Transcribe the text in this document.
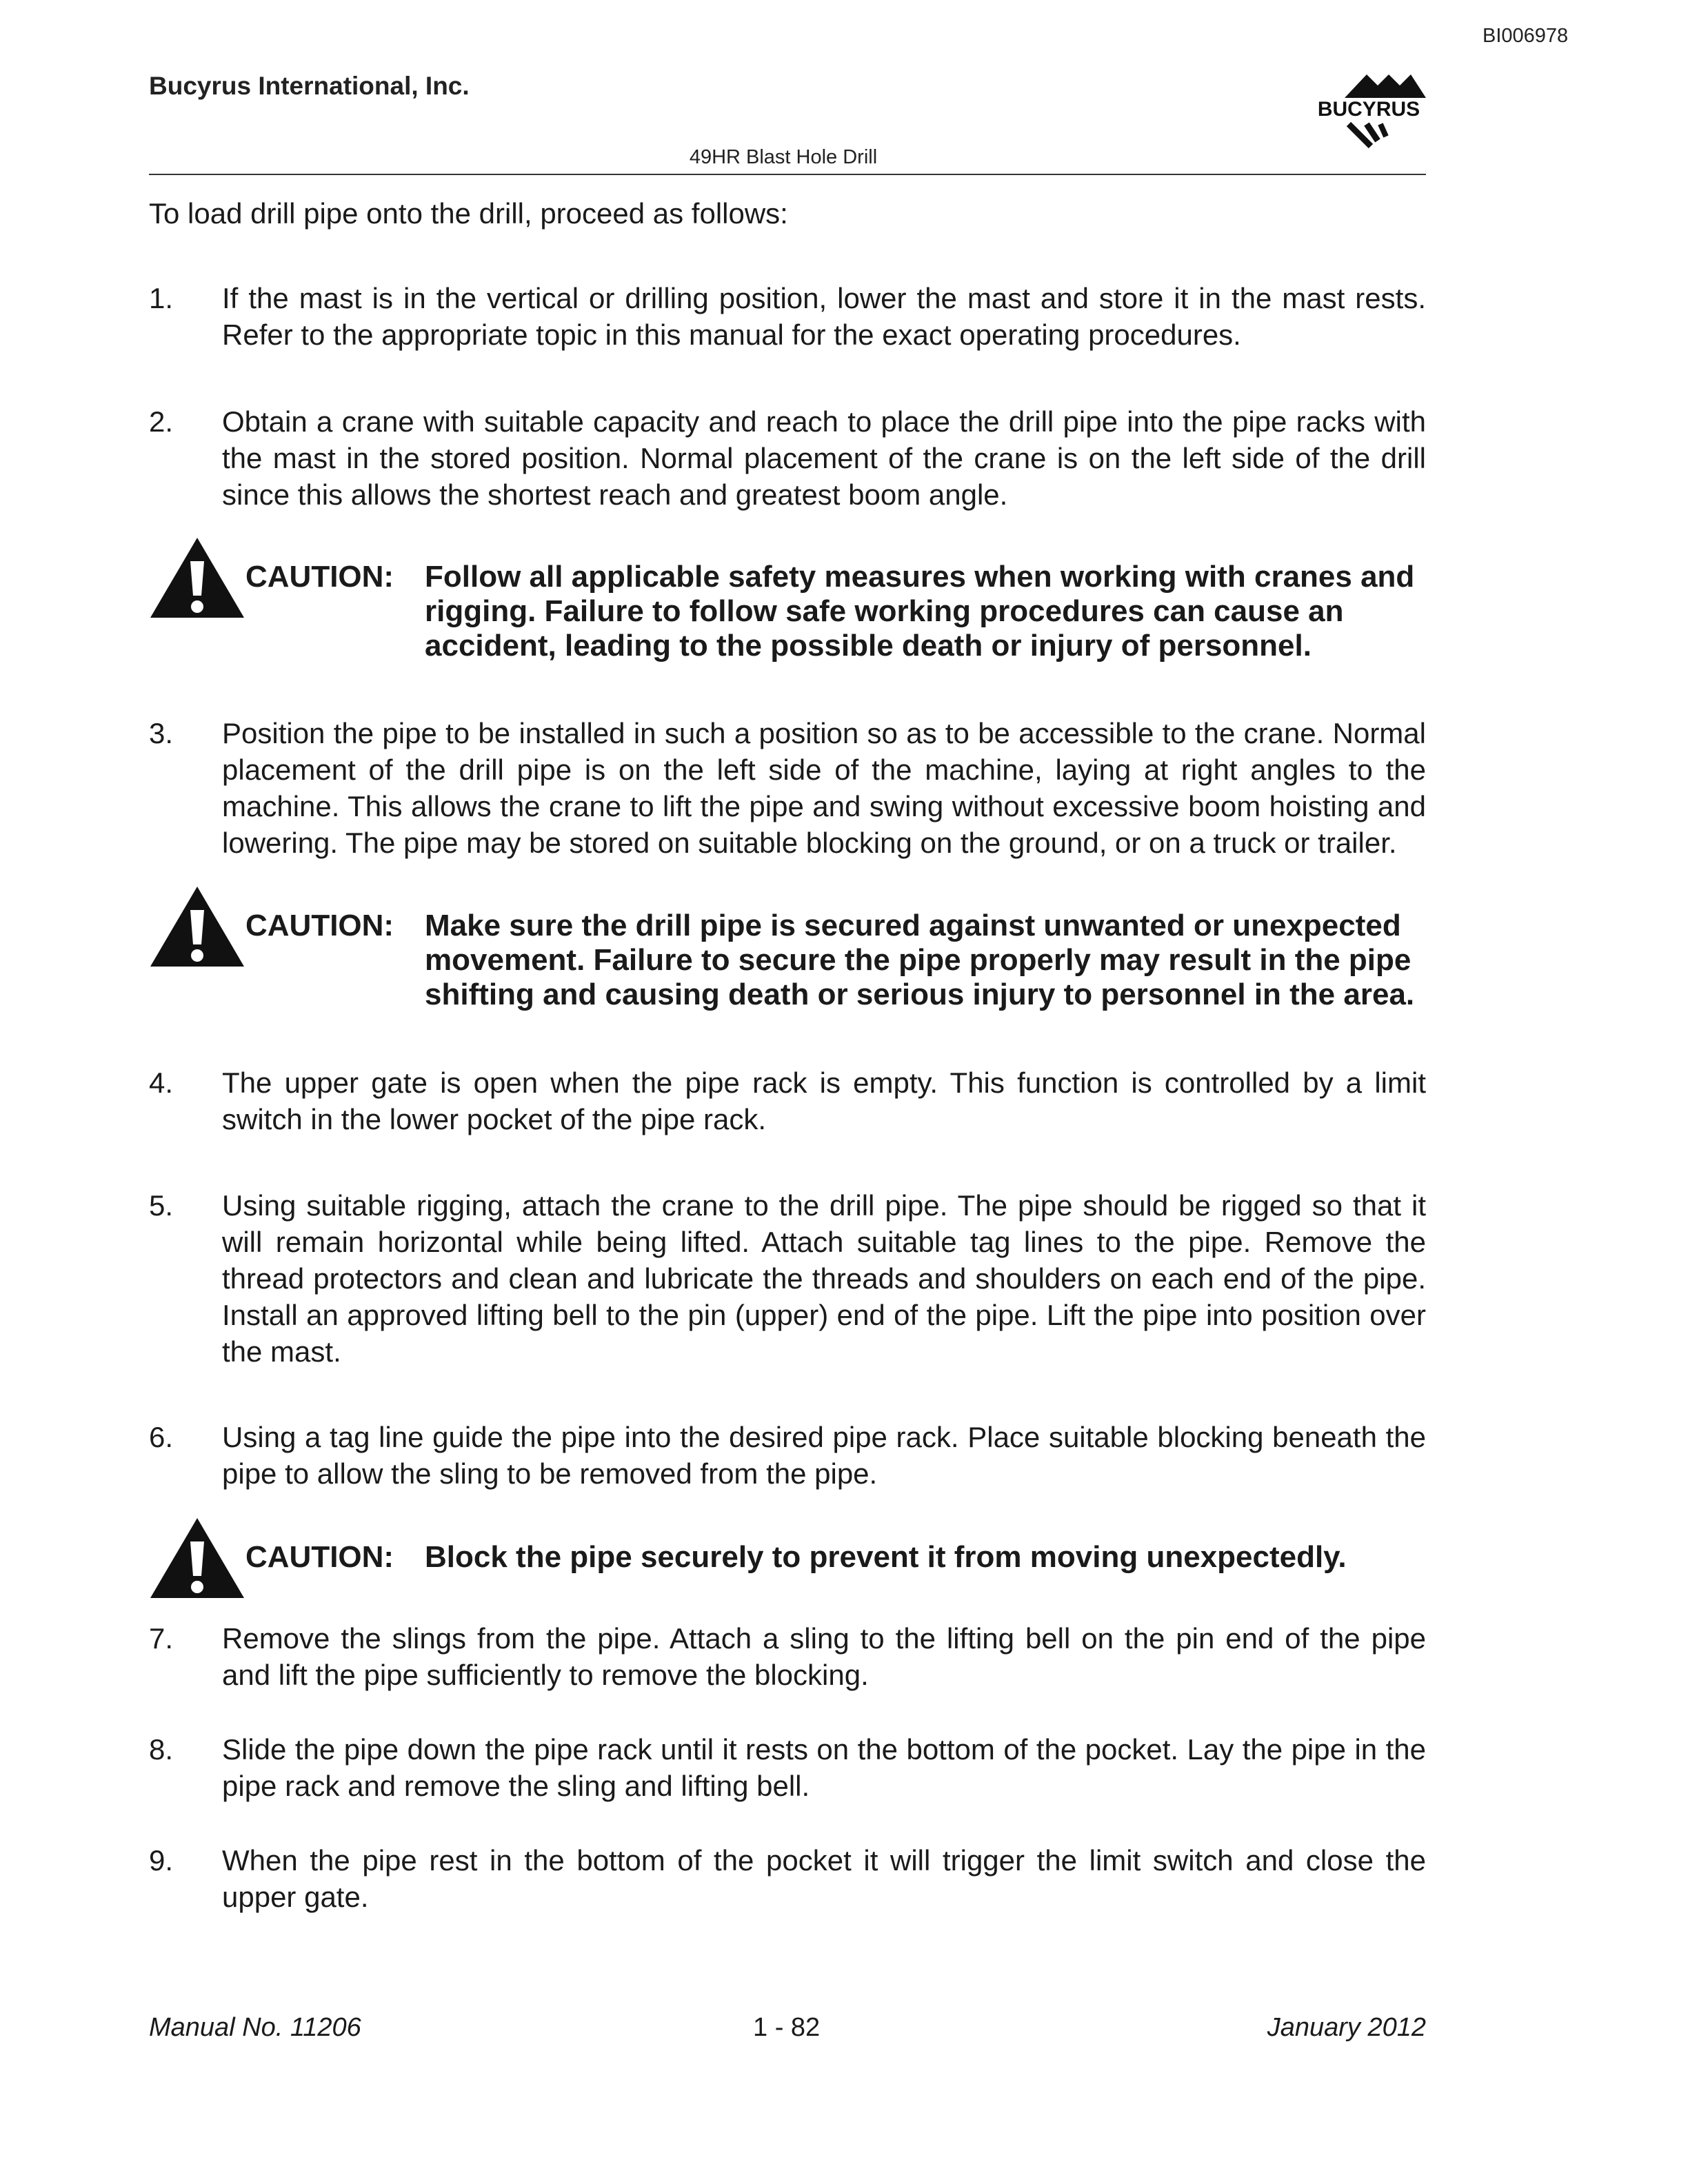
BI006978
Bucyrus International, Inc.
BUCYRUS
49HR Blast Hole Drill
To load drill pipe onto the drill, proceed as follows:
1.	If the mast is in the vertical or drilling position, lower the mast and store it in the mast rests. Refer to the appropriate topic in this manual for the exact operating procedures.
2.	Obtain a crane with suitable capacity and reach to place the drill pipe into the pipe racks with the mast in the stored position. Normal placement of the crane is on the left side of the drill since this allows the shortest reach and greatest boom angle.
CAUTION: Follow all applicable safety measures when working with cranes and rigging. Failure to follow safe working procedures can cause an accident, leading to the possible death or injury of personnel.
3.	Position the pipe to be installed in such a position so as to be accessible to the crane. Normal placement of the drill pipe is on the left side of the machine, laying at right angles to the machine. This allows the crane to lift the pipe and swing without excessive boom hoisting and lowering. The pipe may be stored on suitable blocking on the ground, or on a truck or trailer.
CAUTION: Make sure the drill pipe is secured against unwanted or unexpected movement. Failure to secure the pipe properly may result in the pipe shifting and causing death or serious injury to personnel in the area.
4.	The upper gate is open when the pipe rack is empty. This function is controlled by a limit switch in the lower pocket of the pipe rack.
5.	Using suitable rigging, attach the crane to the drill pipe. The pipe should be rigged so that it will remain horizontal while being lifted. Attach suitable tag lines to the pipe. Remove the thread protectors and clean and lubricate the threads and shoulders on each end of the pipe. Install an approved lifting bell to the pin (upper) end of the pipe. Lift the pipe into position over the mast.
6.	Using a tag line guide the pipe into the desired pipe rack. Place suitable blocking beneath the pipe to allow the sling to be removed from the pipe.
CAUTION: Block the pipe securely to prevent it from moving unexpectedly.
7.	Remove the slings from the pipe. Attach a sling to the lifting bell on the pin end of the pipe and lift the pipe sufficiently to remove the blocking.
8.	Slide the pipe down the pipe rack until it rests on the bottom of the pocket. Lay the pipe in the pipe rack and remove the sling and lifting bell.
9.	When the pipe rest in the bottom of the pocket it will trigger the limit switch and close the upper gate.
Manual No. 11206	1 - 82	January 2012
